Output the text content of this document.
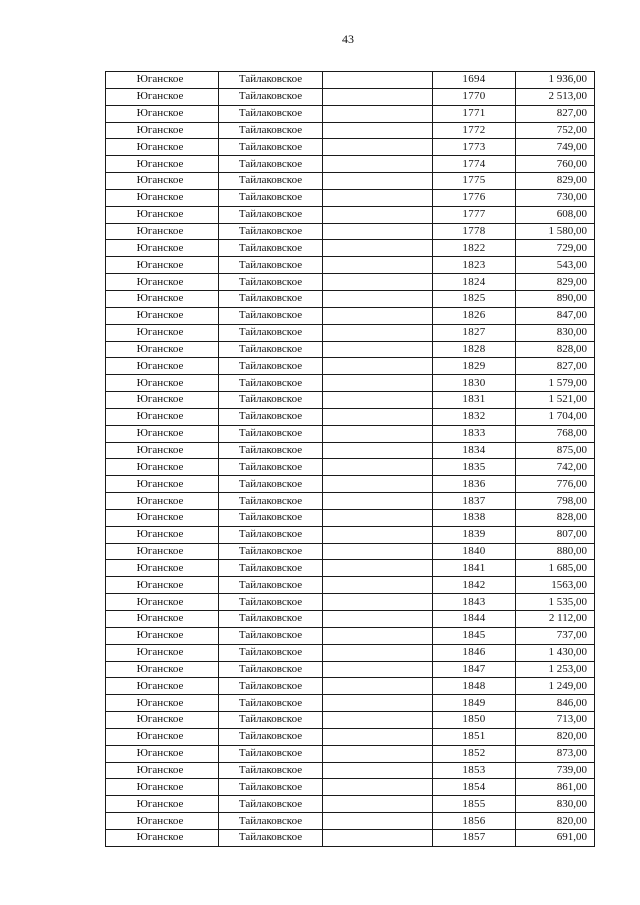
43
Юганское	Тайлаковское		1694	1 936,00
Юганское	Тайлаковское		1770	2 513,00
Юганское	Тайлаковское		1771	827,00
Юганское	Тайлаковское		1772	752,00
Юганское	Тайлаковское		1773	749,00
Юганское	Тайлаковское		1774	760,00
Юганское	Тайлаковское		1775	829,00
Юганское	Тайлаковское		1776	730,00
Юганское	Тайлаковское		1777	608,00
Юганское	Тайлаковское		1778	1 580,00
Юганское	Тайлаковское		1822	729,00
Юганское	Тайлаковское		1823	543,00
Юганское	Тайлаковское		1824	829,00
Юганское	Тайлаковское		1825	890,00
Юганское	Тайлаковское		1826	847,00
Юганское	Тайлаковское		1827	830,00
Юганское	Тайлаковское		1828	828,00
Юганское	Тайлаковское		1829	827,00
Юганское	Тайлаковское		1830	1 579,00
Юганское	Тайлаковское		1831	1 521,00
Юганское	Тайлаковское		1832	1 704,00
Юганское	Тайлаковское		1833	768,00
Юганское	Тайлаковское		1834	875,00
Юганское	Тайлаковское		1835	742,00
Юганское	Тайлаковское		1836	776,00
Юганское	Тайлаковское		1837	798,00
Юганское	Тайлаковское		1838	828,00
Юганское	Тайлаковское		1839	807,00
Юганское	Тайлаковское		1840	880,00
Юганское	Тайлаковское		1841	1 685,00
Юганское	Тайлаковское		1842	1563,00
Юганское	Тайлаковское		1843	1 535,00
Юганское	Тайлаковское		1844	2 112,00
Юганское	Тайлаковское		1845	737,00
Юганское	Тайлаковское		1846	1 430,00
Юганское	Тайлаковское		1847	1 253,00
Юганское	Тайлаковское		1848	1 249,00
Юганское	Тайлаковское		1849	846,00
Юганское	Тайлаковское		1850	713,00
Юганское	Тайлаковское		1851	820,00
Юганское	Тайлаковское		1852	873,00
Юганское	Тайлаковское		1853	739,00
Юганское	Тайлаковское		1854	861,00
Юганское	Тайлаковское		1855	830,00
Юганское	Тайлаковское		1856	820,00
Юганское	Тайлаковское		1857	691,00
